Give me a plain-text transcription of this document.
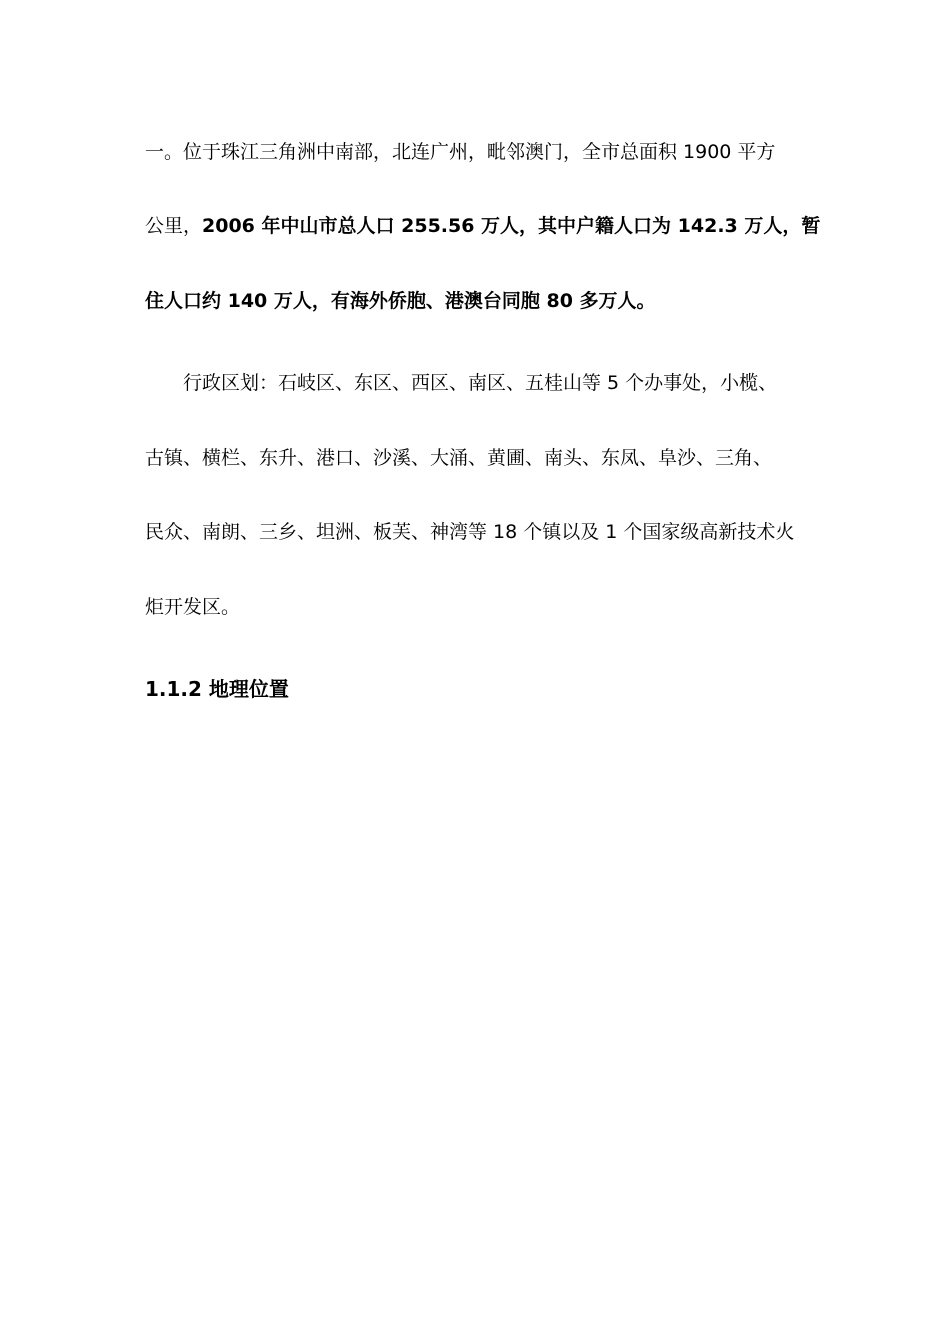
一。位于珠江三角洲中南部，北连广州，毗邻澳门，全市总面积 1900 平方
公里，2006 年中山市总人口 255.56 万人，其中户籍人口为 142.3 万人，暂
住人口约 140 万人，有海外侨胞、港澳台同胞 80 多万人。
行政区划：石岐区、东区、西区、南区、五桂山等 5 个办事处，小榄、
古镇、横栏、东升、港口、沙溪、大涌、黄圃、南头、东凤、阜沙、三角、
民众、南朗、三乡、坦洲、板芙、神湾等 18 个镇以及 1 个国家级高新技术火
炬开发区。
1.1.2 地理位置
